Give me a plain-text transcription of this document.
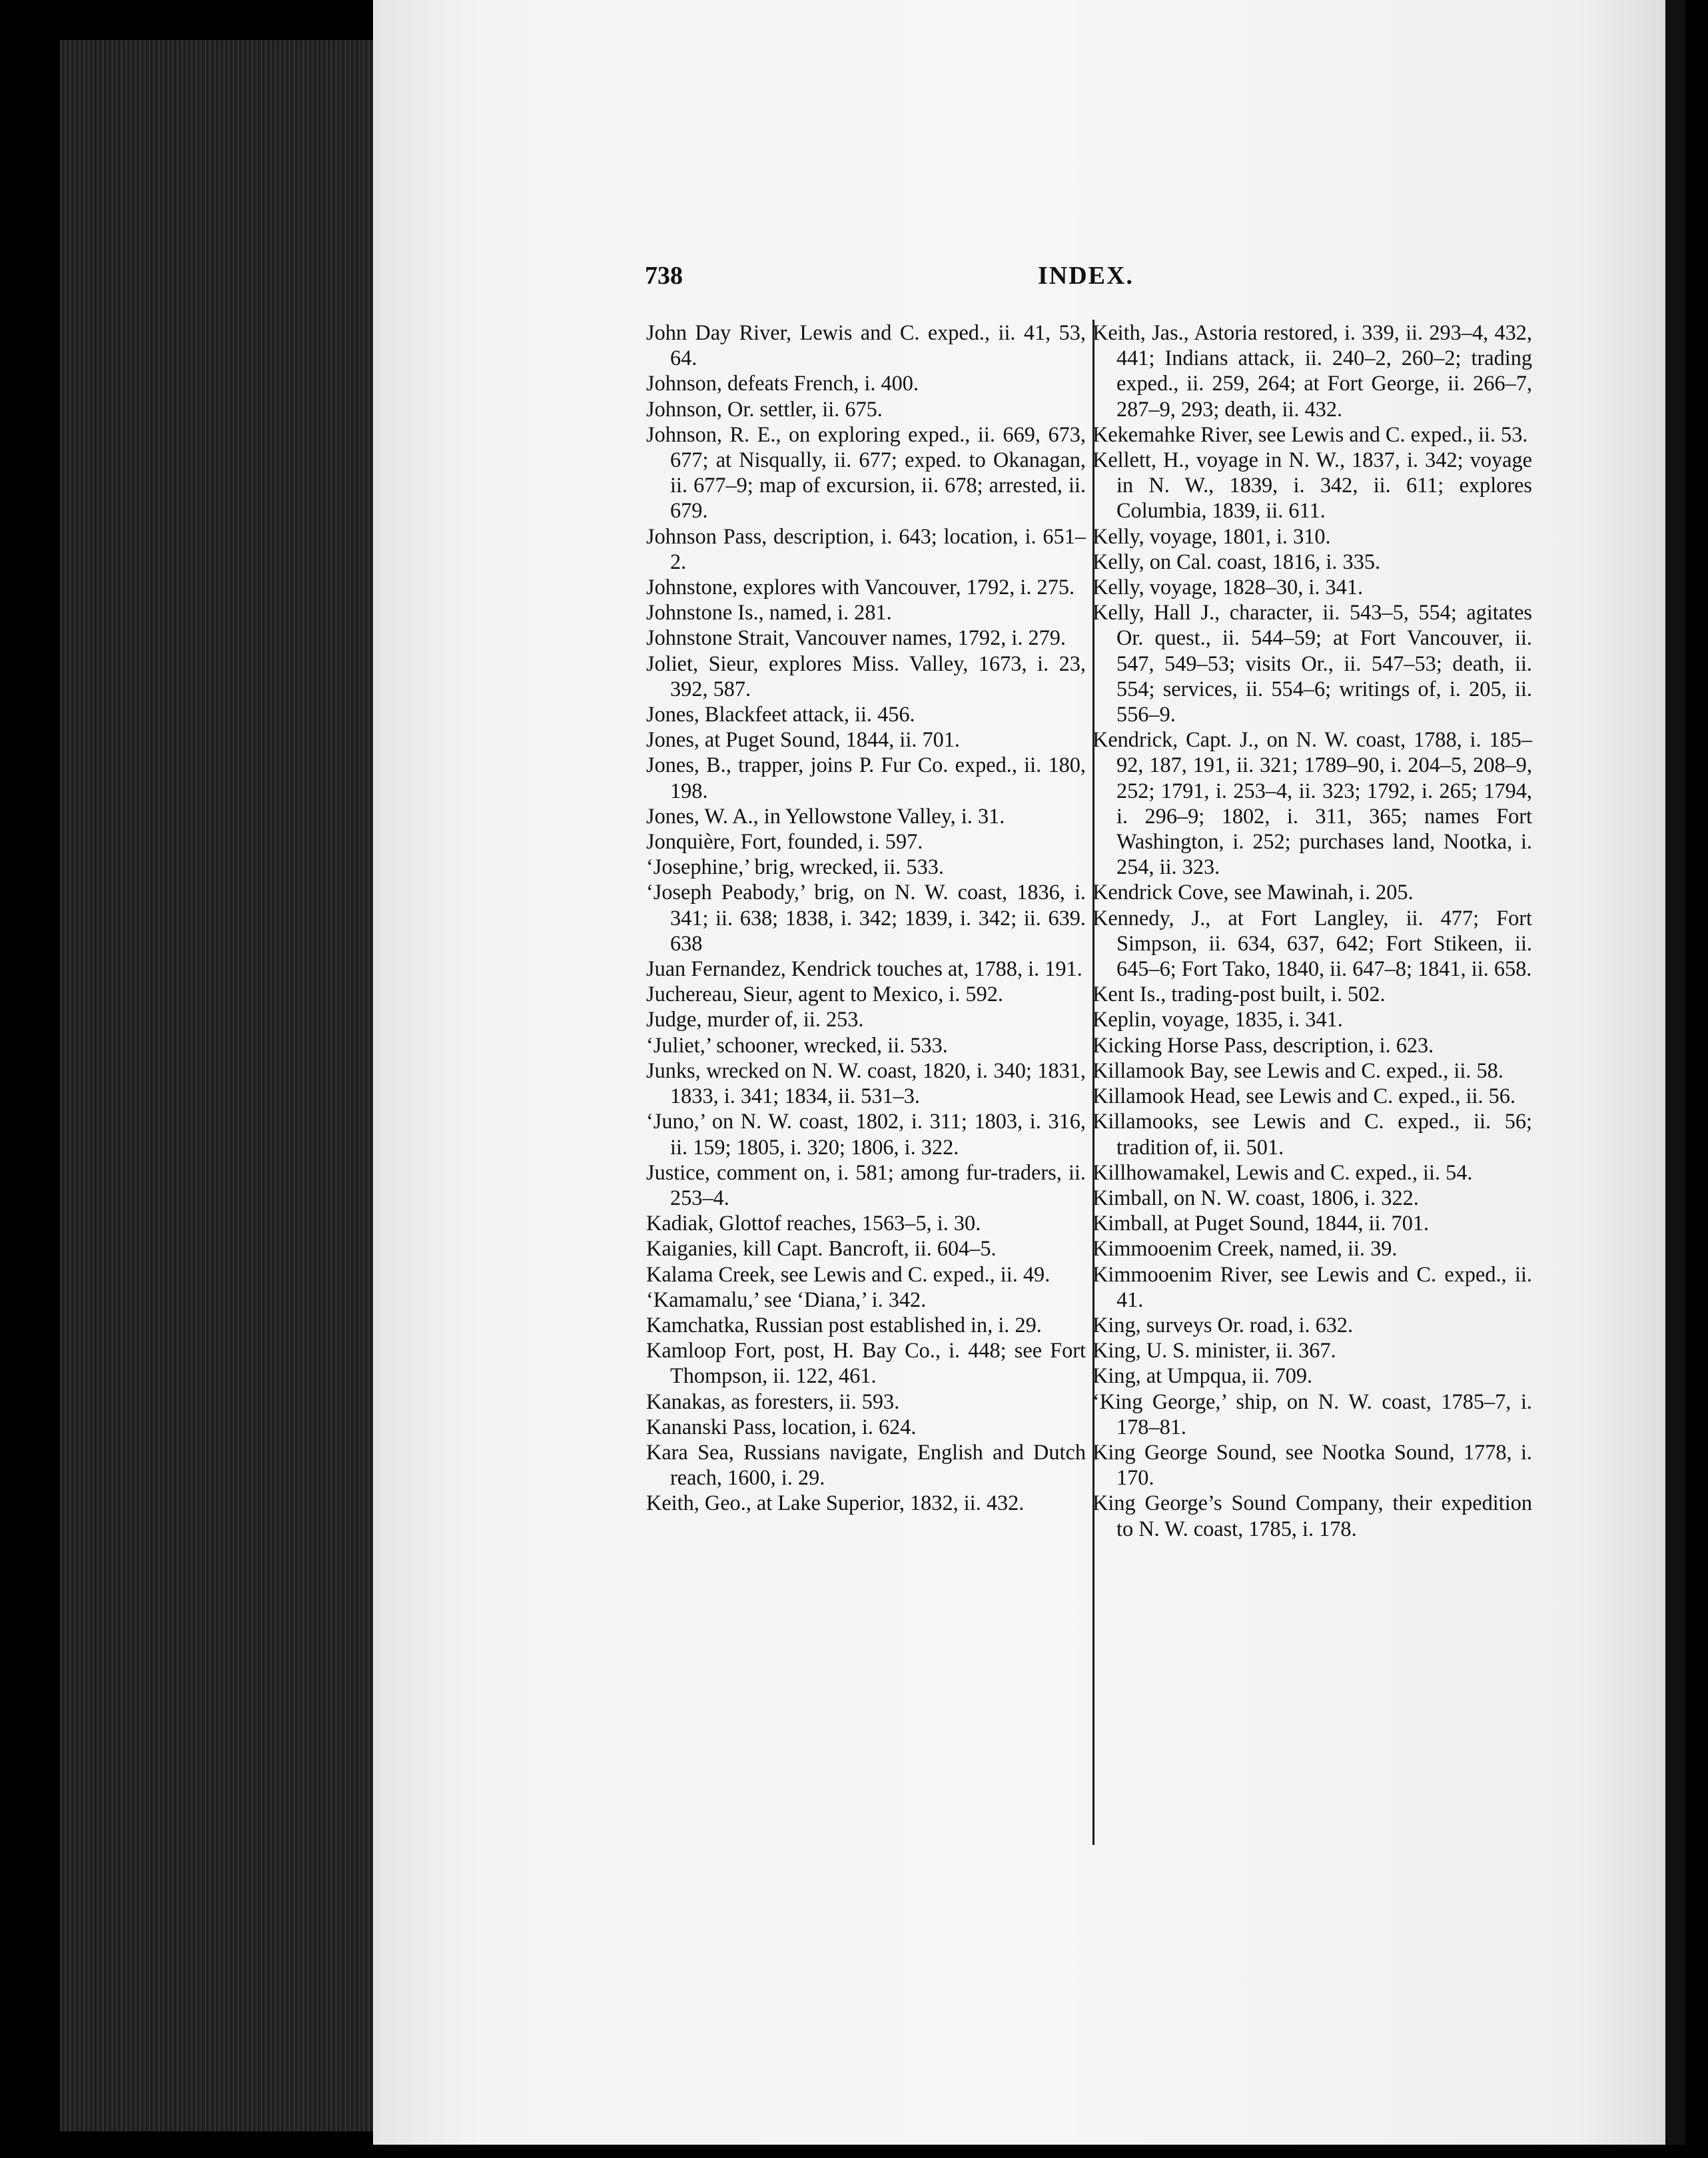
738	INDEX.

John Day River, Lewis and C. exped., ii. 41, 53, 64.

Johnson, defeats French, i. 400.

Johnson, Or. settler, ii. 675.

Johnson, R. E., on exploring exped., ii. 669, 673, 677; at Nisqually, ii. 677; exped. to Okanagan, ii. 677–9; map of excursion, ii. 678; arrested, ii. 679.

Johnson Pass, description, i. 643; location, i. 651–2.

Johnstone, explores with Vancouver, 1792, i. 275.

Johnstone Is., named, i. 281.

Johnstone Strait, Vancouver names, 1792, i. 279.

Joliet, Sieur, explores Miss. Valley, 1673, i. 23, 392, 587.

Jones, Blackfeet attack, ii. 456.

Jones, at Puget Sound, 1844, ii. 701.

Jones, B., trapper, joins P. Fur Co. exped., ii. 180, 198.

Jones, W. A., in Yellowstone Valley, i. 31.

Jonquière, Fort, founded, i. 597.

‘Josephine,’ brig, wrecked, ii. 533.

‘Joseph Peabody,’ brig, on N. W. coast, 1836, i. 341; ii. 638; 1838, i. 342; 1839, i. 342; ii. 639. 638

Juan Fernandez, Kendrick touches at, 1788, i. 191.

Juchereau, Sieur, agent to Mexico, i. 592.

Judge, murder of, ii. 253.

‘Juliet,’ schooner, wrecked, ii. 533.

Junks, wrecked on N. W. coast, 1820, i. 340; 1831, 1833, i. 341; 1834, ii. 531–3.

‘Juno,’ on N. W. coast, 1802, i. 311; 1803, i. 316, ii. 159; 1805, i. 320; 1806, i. 322.

Justice, comment on, i. 581; among fur-traders, ii. 253–4.

Kadiak, Glottof reaches, 1563–5, i. 30.

Kaiganies, kill Capt. Bancroft, ii. 604–5.

Kalama Creek, see Lewis and C. exped., ii. 49.

‘Kamamalu,’ see ‘Diana,’ i. 342.

Kamchatka, Russian post established in, i. 29.

Kamloop Fort, post, H. Bay Co., i. 448; see Fort Thompson, ii. 122, 461.

Kanakas, as foresters, ii. 593.

Kananski Pass, location, i. 624.

Kara Sea, Russians navigate, English and Dutch reach, 1600, i. 29.

Keith, Geo., at Lake Superior, 1832, ii. 432.

Keith, Jas., Astoria restored, i. 339, ii. 293–4, 432, 441; Indians attack, ii. 240–2, 260–2; trading exped., ii. 259, 264; at Fort George, ii. 266–7, 287–9, 293; death, ii. 432.

Kekemahke River, see Lewis and C. exped., ii. 53.

Kellett, H., voyage in N. W., 1837, i. 342; voyage in N. W., 1839, i. 342, ii. 611; explores Columbia, 1839, ii. 611.

Kelly, voyage, 1801, i. 310.

Kelly, on Cal. coast, 1816, i. 335.

Kelly, voyage, 1828–30, i. 341.

Kelly, Hall J., character, ii. 543–5, 554; agitates Or. quest., ii. 544–59; at Fort Vancouver, ii. 547, 549–53; visits Or., ii. 547–53; death, ii. 554; services, ii. 554–6; writings of, i. 205, ii. 556–9.

Kendrick, Capt. J., on N. W. coast, 1788, i. 185–92, 187, 191, ii. 321; 1789–90, i. 204–5, 208–9, 252; 1791, i. 253–4, ii. 323; 1792, i. 265; 1794, i. 296–9; 1802, i. 311, 365; names Fort Washington, i. 252; purchases land, Nootka, i. 254, ii. 323.

Kendrick Cove, see Mawinah, i. 205.

Kennedy, J., at Fort Langley, ii. 477; Fort Simpson, ii. 634, 637, 642; Fort Stikeen, ii. 645–6; Fort Tako, 1840, ii. 647–8; 1841, ii. 658.

Kent Is., trading-post built, i. 502.

Keplin, voyage, 1835, i. 341.

Kicking Horse Pass, description, i. 623.

Killamook Bay, see Lewis and C. exped., ii. 58.

Killamook Head, see Lewis and C. exped., ii. 56.

Killamooks, see Lewis and C. exped., ii. 56; tradition of, ii. 501.

Killhowamakel, Lewis and C. exped., ii. 54.

Kimball, on N. W. coast, 1806, i. 322.

Kimball, at Puget Sound, 1844, ii. 701.

Kimmooenim Creek, named, ii. 39.

Kimmooenim River, see Lewis and C. exped., ii. 41.

King, surveys Or. road, i. 632.

King, U. S. minister, ii. 367.

King, at Umpqua, ii. 709.

‘King George,’ ship, on N. W. coast, 1785–7, i. 178–81.

King George Sound, see Nootka Sound, 1778, i. 170.

King George’s Sound Company, their expedition to N. W. coast, 1785, i. 178.
